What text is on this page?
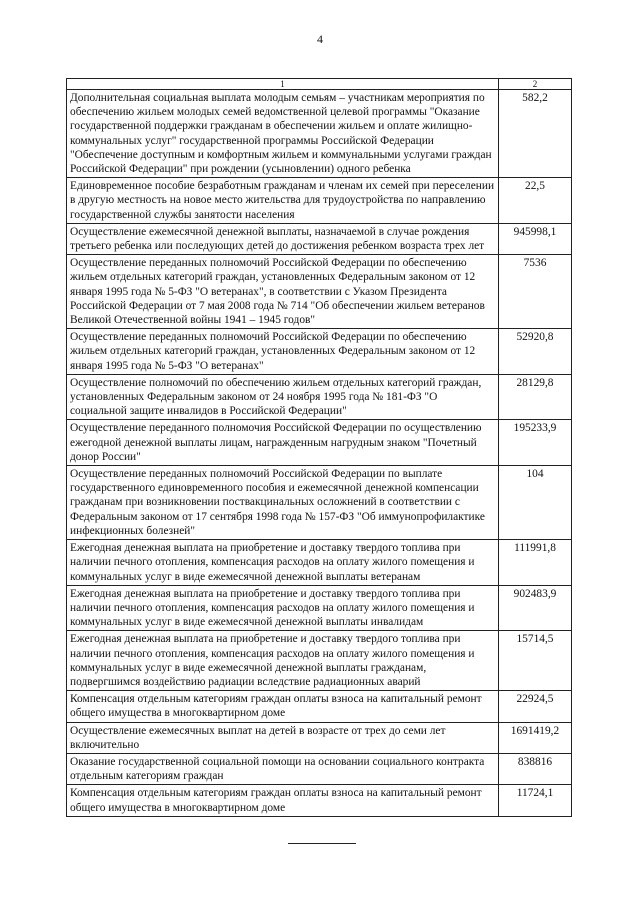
4
1	2
Дополнительная социальная выплата молодым семьям – участникам мероприятия по обеспечению жильем молодых семей ведомственной целевой программы "Оказание государственной поддержки гражданам в обеспечении жильем и оплате жилищно-коммунальных услуг" государственной программы Российской Федерации "Обеспечение доступным и комфортным жильем и коммунальными услугами граждан Российской Федерации" при рождении (усыновлении) одного ребенка	582,2
Единовременное пособие безработным гражданам и членам их семей при переселении в другую местность на новое место жительства для трудоустройства по направлению государственной службы занятости населения	22,5
Осуществление ежемесячной денежной выплаты, назначаемой в случае рождения третьего ребенка или последующих детей до достижения ребенком возраста трех лет	945998,1
Осуществление переданных полномочий Российской Федерации по обеспечению жильем отдельных категорий граждан, установленных Федеральным законом от 12 января 1995 года № 5-ФЗ "О ветеранах", в соответствии с Указом Президента Российской Федерации от 7 мая 2008 года № 714 "Об обеспечении жильем ветеранов Великой Отечественной войны 1941 – 1945 годов"	7536
Осуществление переданных полномочий Российской Федерации по обеспечению жильем отдельных категорий граждан, установленных Федеральным законом от 12 января 1995 года № 5-ФЗ "О ветеранах"	52920,8
Осуществление полномочий по обеспечению жильем отдельных категорий граждан, установленных Федеральным законом от 24 ноября 1995 года № 181-ФЗ "О социальной защите инвалидов в Российской Федерации"	28129,8
Осуществление переданного полномочия Российской Федерации по осуществлению ежегодной денежной выплаты лицам, награжденным нагрудным знаком "Почетный донор России"	195233,9
Осуществление переданных полномочий Российской Федерации по выплате государственного единовременного пособия и ежемесячной денежной компенсации гражданам при возникновении поствакцинальных осложнений в соответствии с Федеральным законом от 17 сентября 1998 года № 157-ФЗ "Об иммунопрофилактике инфекционных болезней"	104
Ежегодная денежная выплата на приобретение и доставку твердого топлива при наличии печного отопления, компенсация расходов на оплату жилого помещения и коммунальных услуг в виде ежемесячной денежной выплаты ветеранам	111991,8
Ежегодная денежная выплата на приобретение и доставку твердого топлива при наличии печного отопления, компенсация расходов на оплату жилого помещения и коммунальных услуг в виде ежемесячной денежной выплаты инвалидам	902483,9
Ежегодная денежная выплата на приобретение и доставку твердого топлива при наличии печного отопления, компенсация расходов на оплату жилого помещения и коммунальных услуг в виде ежемесячной денежной выплаты гражданам, подвергшимся воздействию радиации вследствие радиационных аварий	15714,5
Компенсация отдельным категориям граждан оплаты взноса на капитальный ремонт общего имущества в многоквартирном доме	22924,5
Осуществление ежемесячных выплат на детей в возрасте от трех до семи лет включительно	1691419,2
Оказание государственной социальной помощи на основании социального контракта отдельным категориям граждан	838816
Компенсация отдельным категориям граждан оплаты взноса на капитальный ремонт общего имущества в многоквартирном доме	11724,1
